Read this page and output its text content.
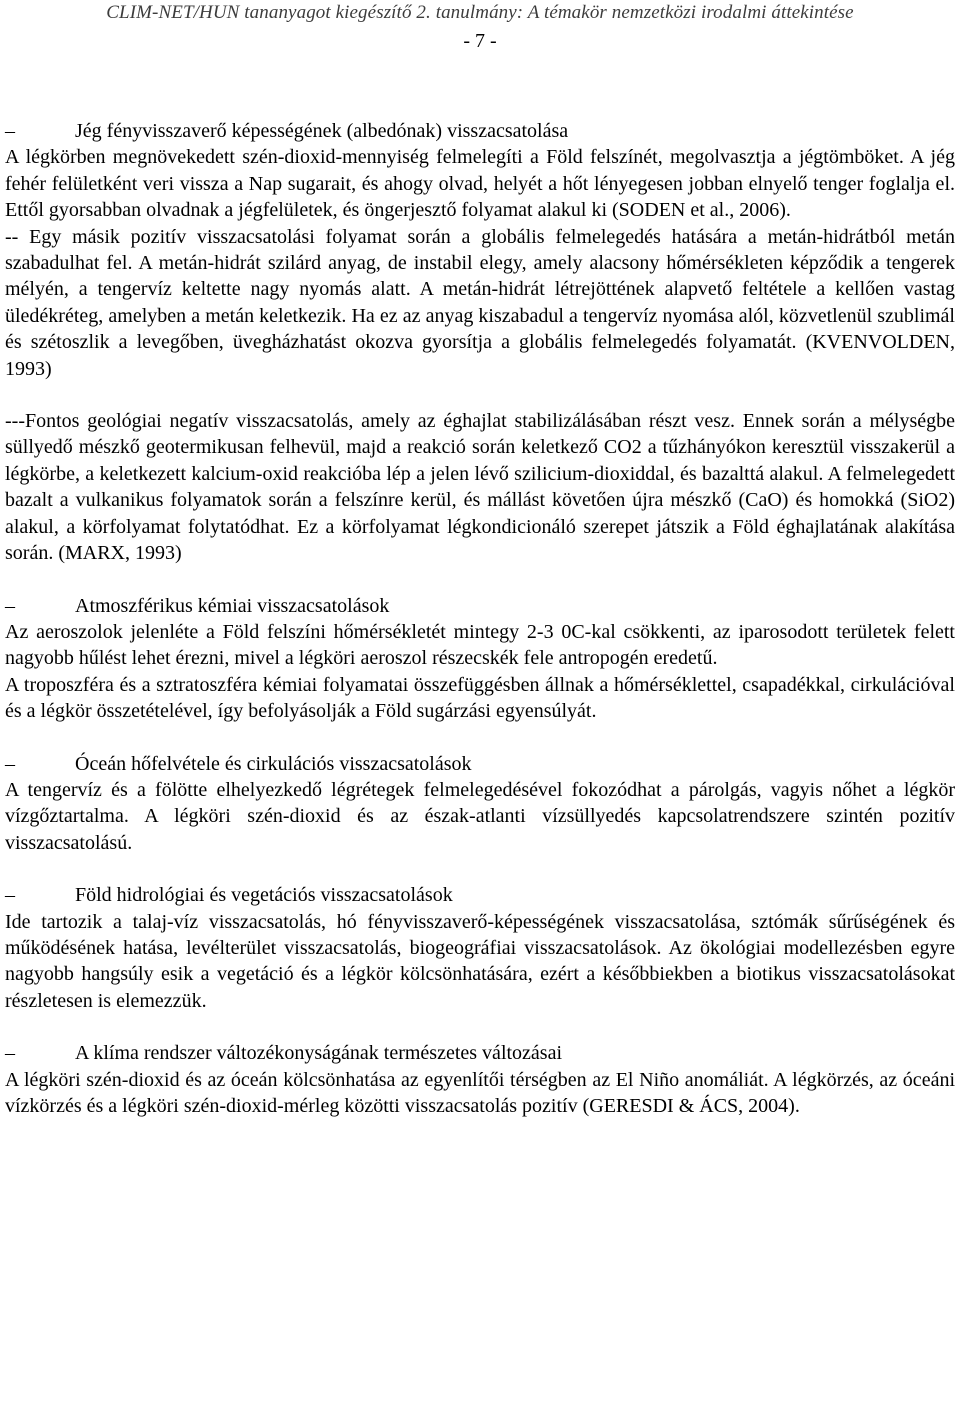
CLIM-NET/HUN tananyagot kiegészítő 2. tanulmány: A témakör nemzetközi irodalmi áttekintése
- 7 -

–	Jég fényvisszaverő képességének (albedónak) visszacsatolása

A légkörben megnövekedett szén-dioxid-mennyiség felmelegíti a Föld felszínét, megolvasztja a jégtömböket. A jég fehér felületként veri vissza a Nap sugarait, és ahogy olvad, helyét a hőt lényegesen jobban elnyelő tenger foglalja el. Ettől gyorsabban olvadnak a jégfelületek, és öngerjesztő folyamat alakul ki (SODEN et al., 2006).

-- Egy másik pozitív visszacsatolási folyamat során a globális felmelegedés hatására a metán-hidrátból metán szabadulhat fel. A metán-hidrát szilárd anyag, de instabil elegy, amely alacsony hőmérsékleten képződik a tengerek mélyén, a tengervíz keltette nagy nyomás alatt. A metán-hidrát létrejöttének alapvető feltétele a kellően vastag üledékréteg, amelyben a metán keletkezik. Ha ez az anyag kiszabadul a tengervíz nyomása alól, közvetlenül szublimál és szétoszlik a levegőben, üvegházhatást okozva gyorsítja a globális felmelegedés folyamatát. (KVENVOLDEN, 1993)

---Fontos geológiai negatív visszacsatolás, amely az éghajlat stabilizálásában részt vesz. Ennek során a mélységbe süllyedő mészkő geotermikusan felhevül, majd a reakció során keletkező CO2 a tűzhányókon keresztül visszakerül a légkörbe, a keletkezett kalcium-oxid reakcióba lép a jelen lévő szilicium-dioxiddal, és bazalttá alakul. A felmelegedett bazalt a vulkanikus folyamatok során a felszínre kerül, és mállást követően újra mészkő (CaO) és homokká (SiO2) alakul, a körfolyamat folytatódhat. Ez a körfolyamat légkondicionáló szerepet játszik a Föld éghajlatának alakítása során. (MARX, 1993)

–	Atmoszférikus kémiai visszacsatolások

Az aeroszolok jelenléte a Föld felszíni hőmérsékletét mintegy 2-3 0C-kal csökkenti, az iparosodott területek felett nagyobb hűlést lehet érezni, mivel a légköri aeroszol részecskék fele antropogén eredetű.

A troposzféra és a sztratoszféra kémiai folyamatai összefüggésben állnak a hőmérséklettel, csapadékkal, cirkulációval és a légkör összetételével, így befolyásolják a Föld sugárzási egyensúlyát.

–	Óceán hőfelvétele és cirkulációs visszacsatolások

A tengervíz és a fölötte elhelyezkedő légrétegek felmelegedésével fokozódhat a párolgás, vagyis nőhet a légkör vízgőztartalma. A légköri szén-dioxid és az észak-atlanti vízsüllyedés kapcsolatrendszere szintén pozitív visszacsatolású.

–	Föld hidrológiai és vegetációs visszacsatolások

Ide tartozik a talaj-víz visszacsatolás, hó fényvisszaverő-képességének visszacsatolása, sztómák sűrűségének és működésének hatása, levélterület visszacsatolás, biogeográfiai visszacsatolások. Az ökológiai modellezésben egyre nagyobb hangsúly esik a vegetáció és a légkör kölcsönhatására, ezért a későbbiekben a biotikus visszacsatolásokat részletesen is elemezzük.

–	A klíma rendszer változékonyságának természetes változásai

A légköri szén-dioxid és az óceán kölcsönhatása az egyenlítői térségben az El Niño anomáliát. A légkörzés, az óceáni vízkörzés és a légköri szén-dioxid-mérleg közötti visszacsatolás pozitív (GERESDI & ÁCS, 2004).
